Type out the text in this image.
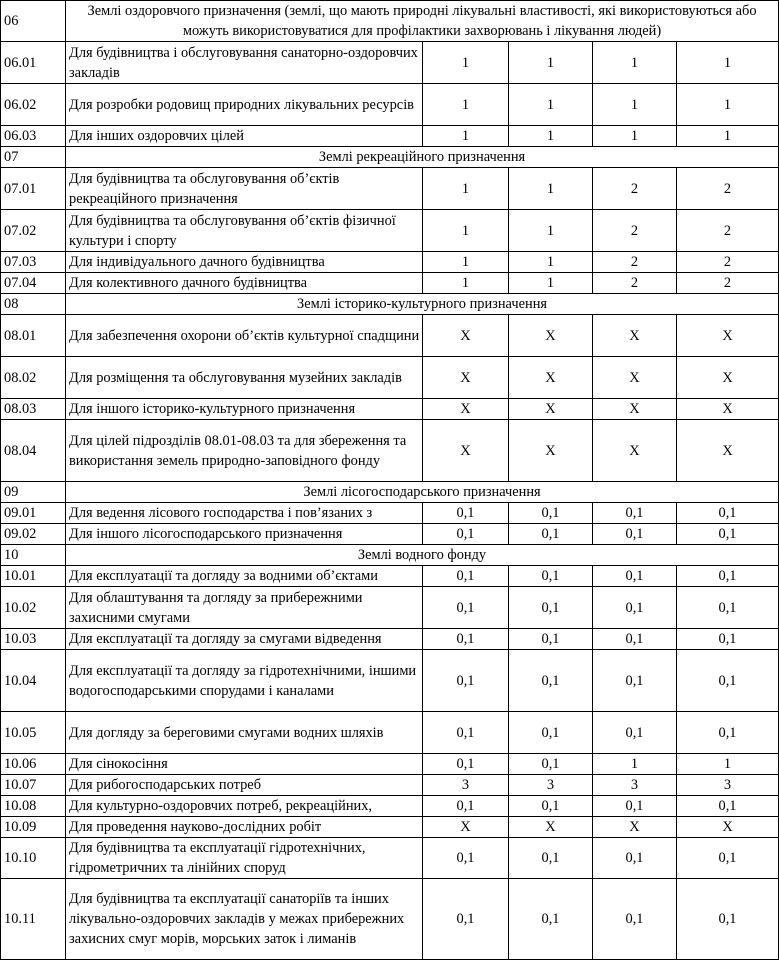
06	Землі оздоровчого призначення (землі, що мають природні лікувальні властивості, які використовуються або можуть використовуватися для профілактики захворювань і лікування людей)				
06.01	Для будівництва і обслуговування санаторно-оздоровчих закладів	1	1	1	1
06.02	Для розробки родовищ природних лікувальних ресурсів	1	1	1	1
06.03	Для інших оздоровчих цілей	1	1	1	1
07	Землі рекреаційного призначення				
07.01	Для будівництва та обслуговування об’єктів рекреаційного призначення	1	1	2	2
07.02	Для будівництва та обслуговування об’єктів фізичної культури і спорту	1	1	2	2
07.03	Для індивідуального дачного будівництва	1	1	2	2
07.04	Для колективного дачного будівництва	1	1	2	2
08	Землі історико-культурного призначення				
08.01	Для забезпечення охорони об’єктів культурної спадщини	X	X	X	X
08.02	Для розміщення та обслуговування музейних закладів	X	X	X	X
08.03	Для іншого історико-культурного призначення	X	X	X	X
08.04	Для цілей підрозділів 08.01-08.03 та для збереження та використання земель природно-заповідного фонду	X	X	X	X
09	Землі лісогосподарського призначення				
09.01	Для ведення лісового господарства і пов’язаних з	0,1	0,1	0,1	0,1
09.02	Для іншого лісогосподарського призначення	0,1	0,1	0,1	0,1
10	Землі водного фонду				
10.01	Для експлуатації та догляду за водними об’єктами	0,1	0,1	0,1	0,1
10.02	Для облаштування та догляду за прибережними захисними смугами	0,1	0,1	0,1	0,1
10.03	Для експлуатації та догляду за смугами відведення	0,1	0,1	0,1	0,1
10.04	Для експлуатації та догляду за гідротехнічними, іншими водогосподарськими спорудами і каналами	0,1	0,1	0,1	0,1
10.05	Для догляду за береговими смугами водних шляхів	0,1	0,1	0,1	0,1
10.06	Для сінокосіння	0,1	0,1	1	1
10.07	Для рибогосподарських потреб	3	3	3	3
10.08	Для культурно-оздоровчих потреб, рекреаційних,	0,1	0,1	0,1	0,1
10.09	Для проведення науково-дослідних робіт	X	X	X	X
10.10	Для будівництва та експлуатації гідротехнічних, гідрометричних та лінійних споруд	0,1	0,1	0,1	0,1
10.11	Для будівництва та експлуатації санаторіїв та інших лікувально-оздоровчих закладів у межах прибережних захисних смуг морів, морських заток і лиманів	0,1	0,1	0,1	0,1
